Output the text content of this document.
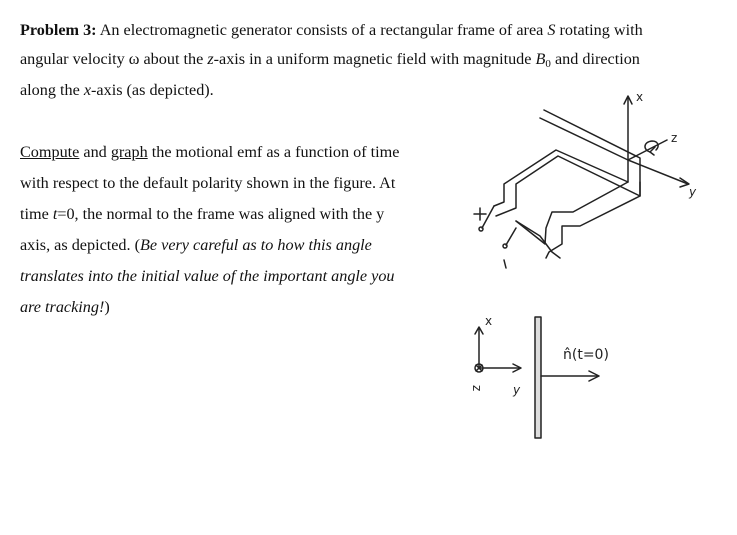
Problem 3: An electromagnetic generator consists of a rectangular frame of area S rotating with
angular velocity ω about the z-axis in a uniform magnetic field with magnitude $B_0$ and direction
along the x-axis (as depicted).
Compute and graph the motional emf as a function of time
with respect to the default polarity shown in the figure. At
time t=0, the normal to the frame was aligned with the y
axis, as depicted. (Be very careful as to how this angle
translates into the initial value of the important angle you
are tracking!)
x
z
y
x
y
z
n̂(t=0)
